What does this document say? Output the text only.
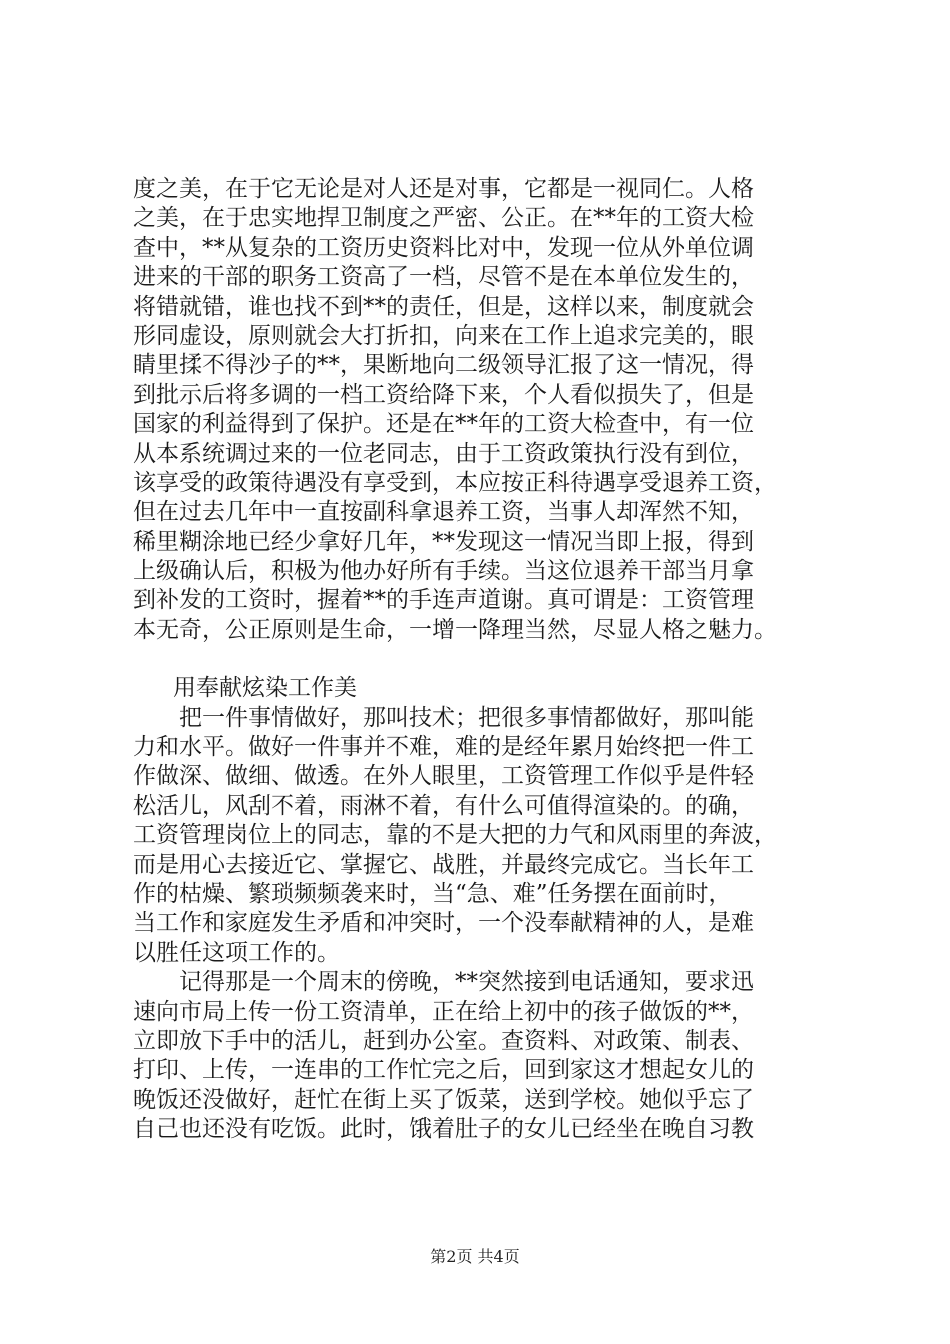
度之美，在于它无论是对人还是对事，它都是一视同仁。人格
之美，在于忠实地捍卫制度之严密、公正。在**年的工资大检
查中，**从复杂的工资历史资料比对中，发现一位从外单位调
进来的干部的职务工资高了一档，尽管不是在本单位发生的，
将错就错，谁也找不到**的责任，但是，这样以来，制度就会
形同虚设，原则就会大打折扣，向来在工作上追求完美的，眼
睛里揉不得沙子的**，果断地向二级领导汇报了这一情况，得
到批示后将多调的一档工资给降下来，个人看似损失了，但是
国家的利益得到了保护。还是在**年的工资大检查中，有一位
从本系统调过来的一位老同志，由于工资政策执行没有到位，
该享受的政策待遇没有享受到，本应按正科待遇享受退养工资，
但在过去几年中一直按副科拿退养工资，当事人却浑然不知，
稀里糊涂地已经少拿好几年，**发现这一情况当即上报，得到
上级确认后，积极为他办好所有手续。当这位退养干部当月拿
到补发的工资时，握着**的手连声道谢。真可谓是：工资管理
本无奇，公正原则是生命，一增一降理当然，尽显人格之魅力。
用奉献炫染工作美
把一件事情做好，那叫技术；把很多事情都做好，那叫能
力和水平。做好一件事并不难，难的是经年累月始终把一件工
作做深、做细、做透。在外人眼里，工资管理工作似乎是件轻
松活儿，风刮不着，雨淋不着，有什么可值得渲染的。的确，
工资管理岗位上的同志，靠的不是大把的力气和风雨里的奔波，
而是用心去接近它、掌握它、战胜，并最终完成它。当长年工
作的枯燥、繁琐频频袭来时，当“急、难”任务摆在面前时，
当工作和家庭发生矛盾和冲突时，一个没奉献精神的人，是难
以胜任这项工作的。
记得那是一个周末的傍晚，**突然接到电话通知，要求迅
速向市局上传一份工资清单，正在给上初中的孩子做饭的**，
立即放下手中的活儿，赶到办公室。查资料、对政策、制表、
打印、上传，一连串的工作忙完之后，回到家这才想起女儿的
晚饭还没做好，赶忙在街上买了饭菜，送到学校。她似乎忘了
自己也还没有吃饭。此时，饿着肚子的女儿已经坐在晚自习教
第2页 共4页
